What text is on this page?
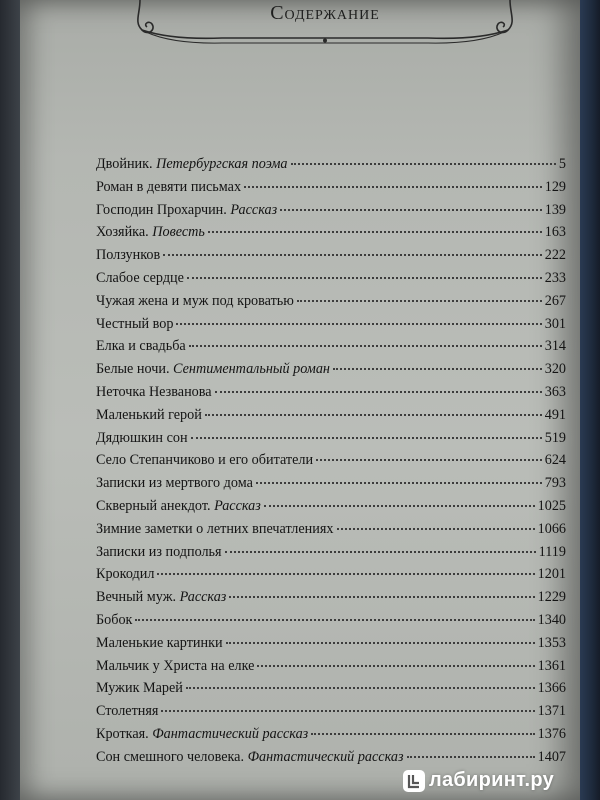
Содержание

Двойник. Петербургская поэма	5
Роман в девяти письмах	129
Господин Прохарчин. Рассказ	139
Хозяйка. Повесть	163
Ползунков	222
Слабое сердце	233
Чужая жена и муж под кроватью	267
Честный вор	301
Елка и свадьба	314
Белые ночи. Сентиментальный роман	320
Неточка Незванова	363
Маленький герой	491
Дядюшкин сон	519
Село Степанчиково и его обитатели	624
Записки из мертвого дома	793
Скверный анекдот. Рассказ	1025
Зимние заметки о летних впечатлениях	1066
Записки из подполья	1119
Крокодил	1201
Вечный муж. Рассказ	1229
Бобок	1340
Маленькие картинки	1353
Мальчик у Христа на елке	1361
Мужик Марей	1366
Столетняя	1371
Кроткая. Фантастический рассказ	1376
Сон смешного человека. Фантастический рассказ	1407
лабиринт.ру
